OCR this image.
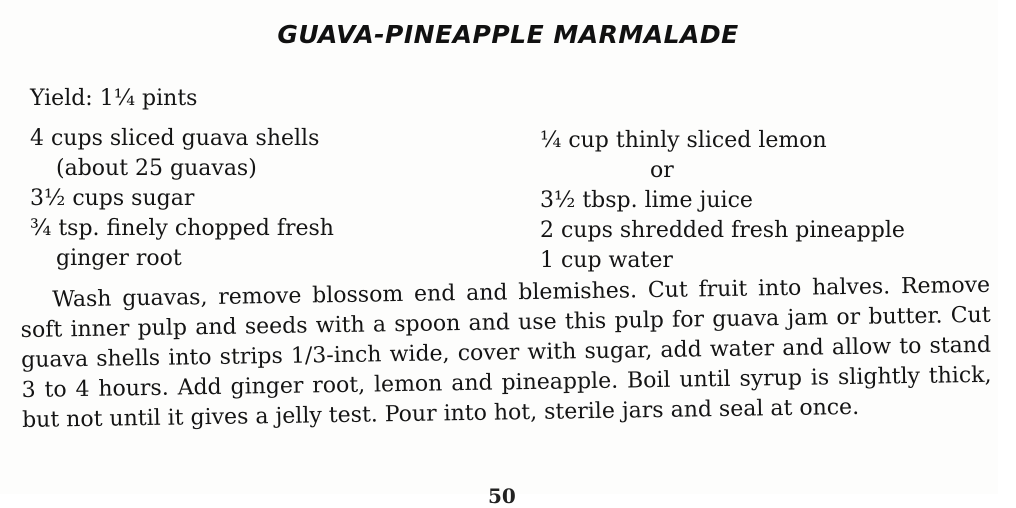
GUAVA-PINEAPPLE MARMALADE
Yield: 1¼ pints
4 cups sliced guava shells
(about 25 guavas)
3½ cups sugar
¾ tsp. finely chopped fresh
ginger root
¼ cup thinly sliced lemon
or
3½ tbsp. lime juice
2 cups shredded fresh pineapple
1 cup water
Wash guavas, remove blossom end and blemishes. Cut fruit into halves. Remove soft inner pulp and seeds with a spoon and use this pulp for guava jam or butter. Cut guava shells into strips 1/3-inch wide, cover with sugar, add water and allow to stand 3 to 4 hours. Add ginger root, lemon and pineapple. Boil until syrup is slightly thick, but not until it gives a jelly test. Pour into hot, sterile jars and seal at once.
50
